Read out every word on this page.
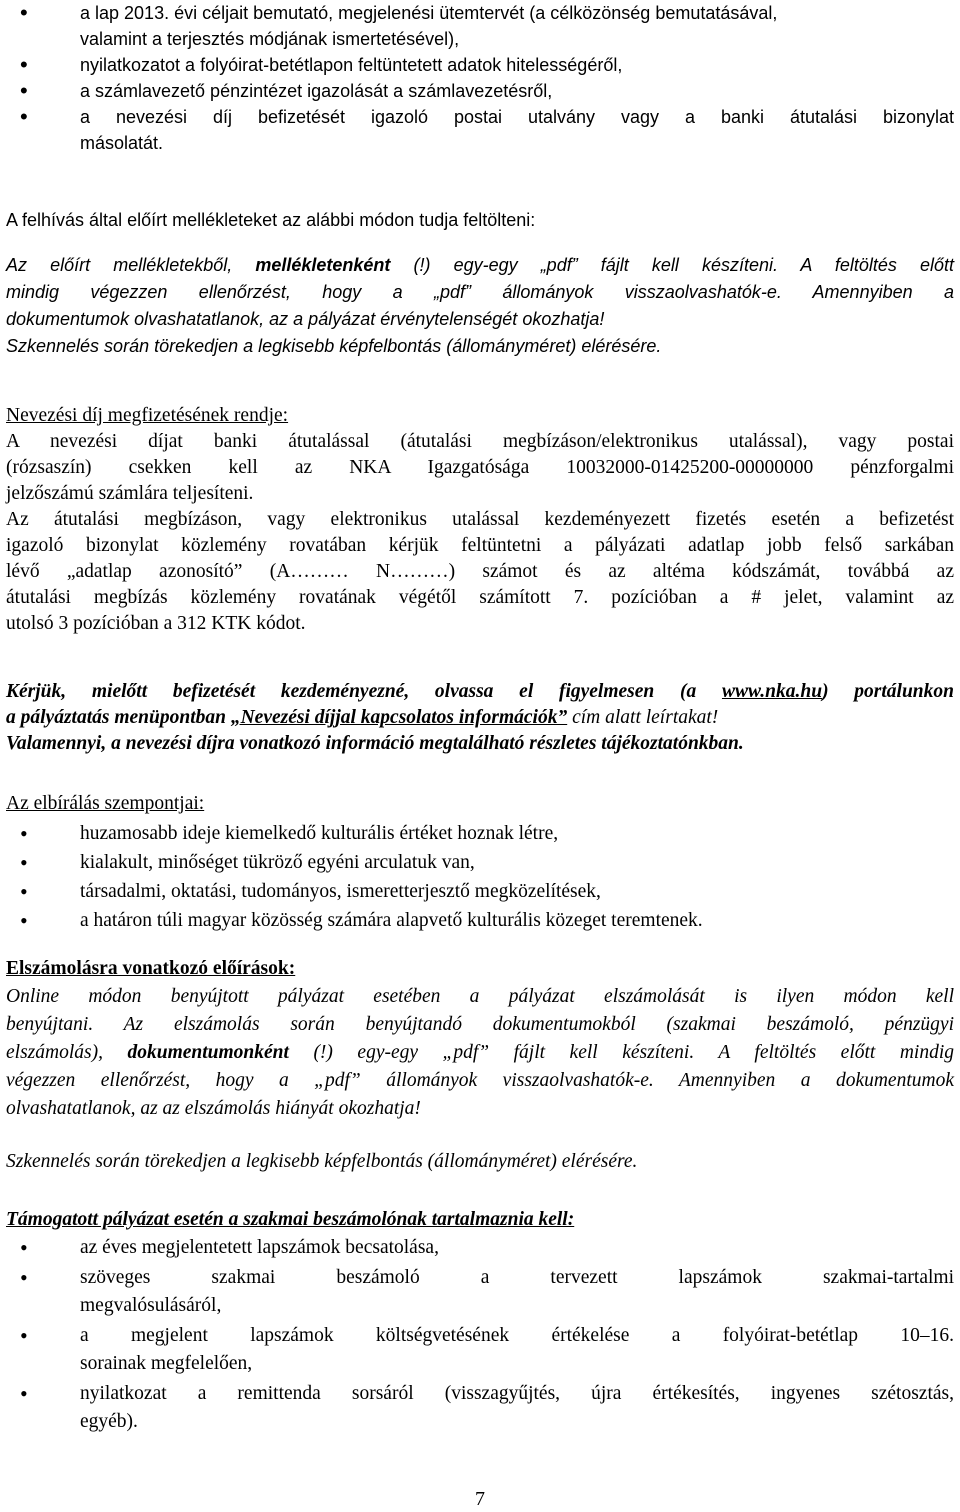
• a lap 2013. évi céljait bemutató, megjelenési ütemtervét (a célközönség bemutatásával,
valamint a terjesztés módjának ismertetésével),
• nyilatkozatot a folyóirat-betétlapon feltüntetett adatok hitelességéről,
• a számlavezető pénzintézet igazolását a számlavezetésről,
• a nevezési díj befizetését igazoló postai utalvány vagy a banki átutalási bizonylat
másolatát.

A felhívás által előírt mellékleteket az alábbi módon tudja feltölteni:

Az előírt mellékletekből, mellékletenként (!) egy-egy „pdf” fájlt kell készíteni. A feltöltés előtt

mindig végezzen ellenőrzést, hogy a „pdf” állományok visszaolvashatók-e. Amennyiben a

dokumentumok olvashatatlanok, az a pályázat érvénytelenségét okozhatja!

Szkennelés során törekedjen a legkisebb képfelbontás (állományméret) elérésére.

Nevezési díj megfizetésének rendje:

A nevezési díjat banki átutalással (átutalási megbízáson/elektronikus utalással), vagy postai

(rózsaszín) csekken kell az NKA Igazgatósága 10032000-01425200-00000000 pénzforgalmi

jelzőszámú számlára teljesíteni.

Az átutalási megbízáson, vagy elektronikus utalással kezdeményezett fizetés esetén a befizetést

igazoló bizonylat közlemény rovatában kérjük feltüntetni a pályázati adatlap jobb felső sarkában

lévő „adatlap azonosító” (A……… N………) számot és az altéma kódszámát, továbbá az

átutalási megbízás közlemény rovatának végétől számított 7. pozícióban a # jelet, valamint az

utolsó 3 pozícióban a 312 KTK kódot.

Kérjük, mielőtt befizetését kezdeményezné, olvassa el figyelmesen (a www.nka.hu) portálunkon

a pályáztatás menüpontban „Nevezési díjjal kapcsolatos információk” cím alatt leírtakat!

Valamennyi, a nevezési díjra vonatkozó információ megtalálható részletes tájékoztatónkban.

Az elbírálás szempontjai:

• huzamosabb ideje kiemelkedő kulturális értéket hoznak létre,
• kialakult, minőséget tükröző egyéni arculatuk van,
• társadalmi, oktatási, tudományos, ismeretterjesztő megközelítések,
• a határon túli magyar közösség számára alapvető kulturális közeget teremtenek.

Elszámolásra vonatkozó előírások:

Online módon benyújtott pályázat esetében a pályázat elszámolását is ilyen módon kell

benyújtani. Az elszámolás során benyújtandó dokumentumokból (szakmai beszámoló, pénzügyi

elszámolás), dokumentumonként (!) egy-egy „pdf” fájlt kell készíteni. A feltöltés előtt mindig

végezzen ellenőrzést, hogy a „pdf” állományok visszaolvashatók-e. Amennyiben a dokumentumok

olvashatatlanok, az az elszámolás hiányát okozhatja!

Szkennelés során törekedjen a legkisebb képfelbontás (állományméret) elérésére.

Támogatott pályázat esetén a szakmai beszámolónak tartalmaznia kell:

• az éves megjelentetett lapszámok becsatolása,
• szöveges szakmai beszámoló a tervezett lapszámok szakmai-tartalmi
megvalósulásáról,
• a megjelent lapszámok költségvetésének értékelése a folyóirat-betétlap 10–16.
sorainak megfelelően,
• nyilatkozat a remittenda sorsáról (visszagyűjtés, újra értékesítés, ingyenes szétosztás,
egyéb).
7
